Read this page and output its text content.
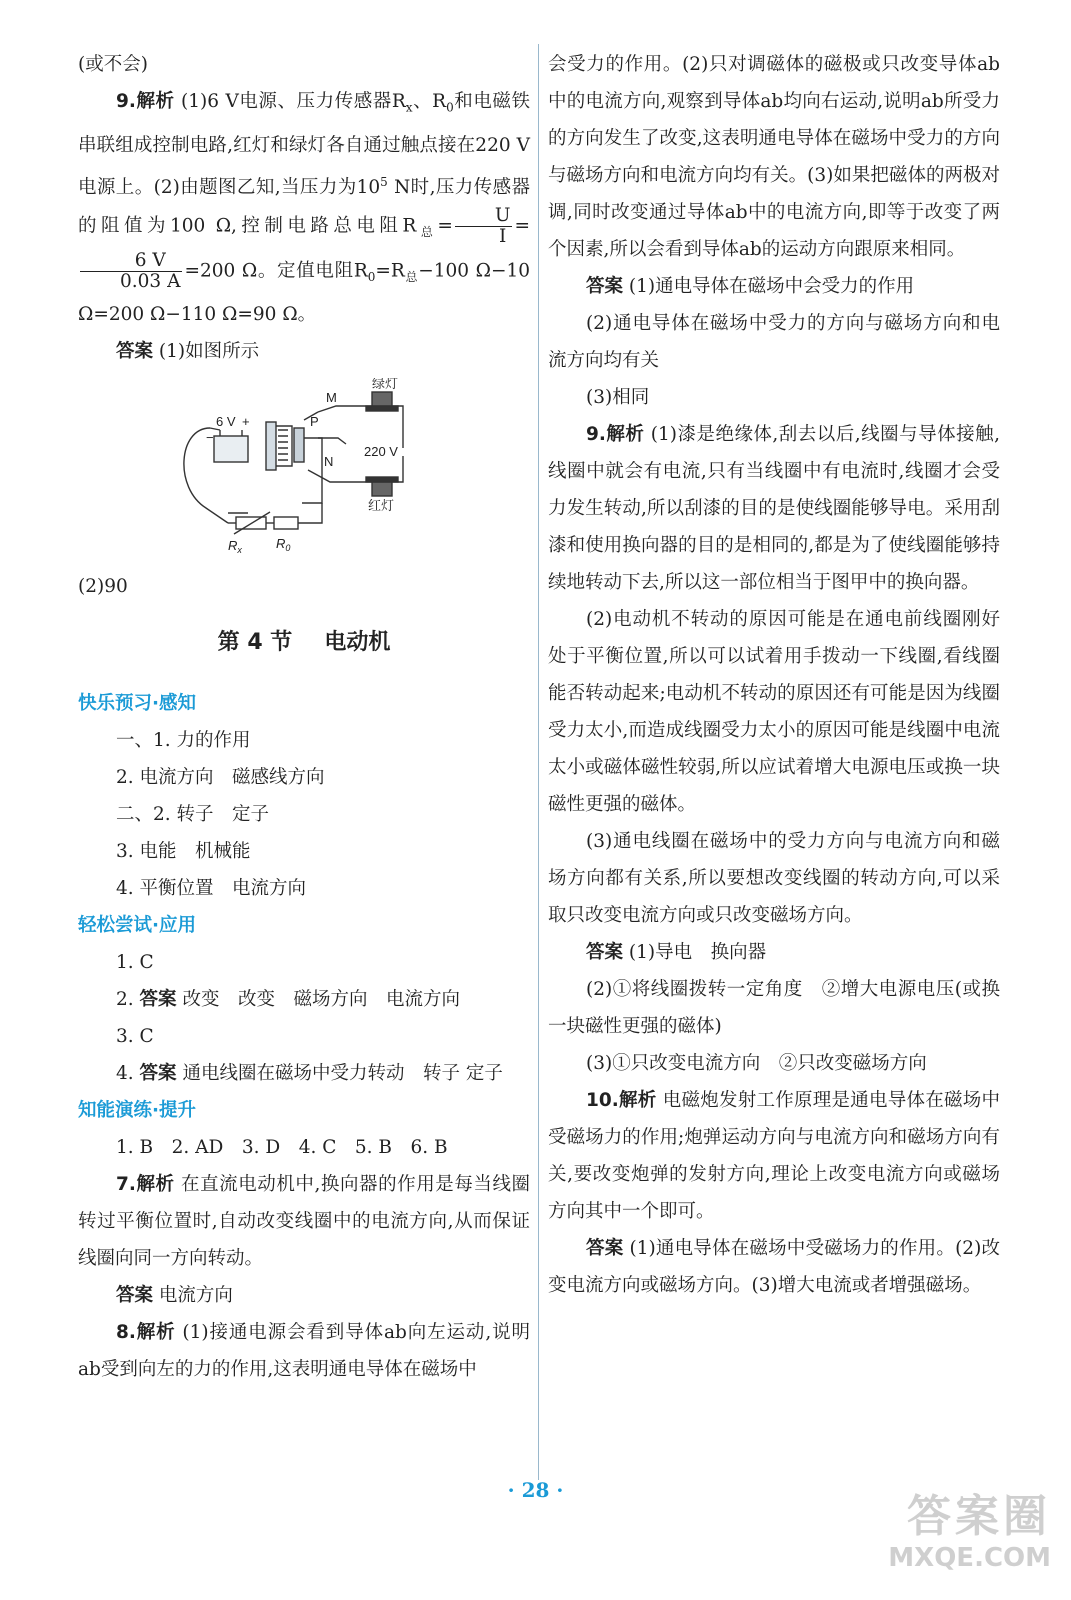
(或不会)

9.解析 (1)6 V电源、压力传感器$R_x$、$R_0$和电磁铁串联组成控制电路,红灯和绿灯各自通过触点接在220 V电源上。(2)由题图乙知,当压力为$10^5$ N时,压力传感器的阻值为100 Ω,控制电路总电阻$R_总= \frac{U}{I}$ =
$\frac{6 V}{0.03 A} =200$ Ω。定值电阻$R_0=R_总-100$ Ω−10 Ω=200 Ω−110 Ω=90 Ω。

答案 (1)如图所示

绿灯
红灯
6 V +
−
M
P
N
220 V
$R_x$	$R_0$

(2)90

第 4 节 电动机

快乐预习·感知

一、1. 力的作用

2. 电流方向　磁感线方向

二、2. 转子　定子

3. 电能　机械能

4. 平衡位置　电流方向

轻松尝试·应用

1. C

2. 答案 改变　改变　磁场方向　电流方向

3. C

4. 答案 通电线圈在磁场中受力转动　转子 定子

知能演练·提升

1. B　2. AD　3. D　4. C　5. B　6. B

7.解析 在直流电动机中,换向器的作用是每当线圈转过平衡位置时,自动改变线圈中的电流方向,从而保证线圈向同一方向转动。

答案 电流方向

8.解析 (1)接通电源会看到导体ab向左运动,说明ab受到向左的力的作用,这表明通电导体在磁场中

会受力的作用。(2)只对调磁体的磁极或只改变导体ab中的电流方向,观察到导体ab均向右运动,说明ab所受力的方向发生了改变,这表明通电导体在磁场中受力的方向与磁场方向和电流方向均有关。(3)如果把磁体的两极对调,同时改变通过导体ab中的电流方向,即等于改变了两个因素,所以会看到导体ab的运动方向跟原来相同。

答案 (1)通电导体在磁场中会受力的作用

(2)通电导体在磁场中受力的方向与磁场方向和电流方向均有关

(3)相同

9.解析 (1)漆是绝缘体,刮去以后,线圈与导体接触,线圈中就会有电流,只有当线圈中有电流时,线圈才会受力发生转动,所以刮漆的目的是使线圈能够导电。采用刮漆和使用换向器的目的是相同的,都是为了使线圈能够持续地转动下去,所以这一部位相当于图甲中的换向器。

(2)电动机不转动的原因可能是在通电前线圈刚好处于平衡位置,所以可以试着用手拨动一下线圈,看线圈能否转动起来;电动机不转动的原因还有可能是因为线圈受力太小,而造成线圈受力太小的原因可能是线圈中电流太小或磁体磁性较弱,所以应试着增大电源电压或换一块磁性更强的磁体。

(3)通电线圈在磁场中的受力方向与电流方向和磁场方向都有关系,所以要想改变线圈的转动方向,可以采取只改变电流方向或只改变磁场方向。

答案 (1)导电　换向器

(2)①将线圈拨转一定角度　②增大电源电压(或换一块磁性更强的磁体)

(3)①只改变电流方向　②只改变磁场方向

10.解析 电磁炮发射工作原理是通电导体在磁场中受磁场力的作用;炮弹运动方向与电流方向和磁场方向有关,要改变炮弹的发射方向,理论上改变电流方向或磁场方向其中一个即可。

答案 (1)通电导体在磁场中受磁场力的作用。(2)改变电流方向或磁场方向。(3)增大电流或者增强磁场。

· 28 ·
答案圈
MXQE.COM
